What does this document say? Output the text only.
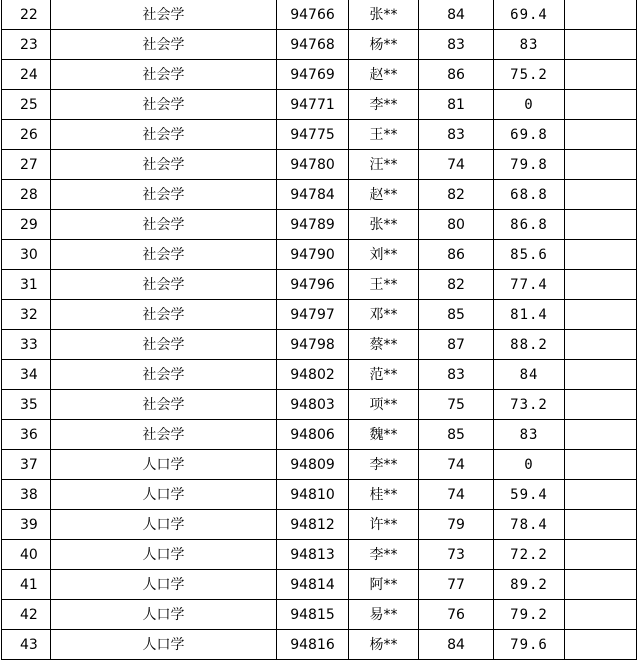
22	社会学	94766	张**	84	69.4	
23	社会学	94768	杨**	83	83	
24	社会学	94769	赵**	86	75.2	
25	社会学	94771	李**	81	0	
26	社会学	94775	王**	83	69.8	
27	社会学	94780	汪**	74	79.8	
28	社会学	94784	赵**	82	68.8	
29	社会学	94789	张**	80	86.8	
30	社会学	94790	刘**	86	85.6	
31	社会学	94796	王**	82	77.4	
32	社会学	94797	邓**	85	81.4	
33	社会学	94798	蔡**	87	88.2	
34	社会学	94802	范**	83	84	
35	社会学	94803	项**	75	73.2	
36	社会学	94806	魏**	85	83	
37	人口学	94809	李**	74	0	
38	人口学	94810	桂**	74	59.4	
39	人口学	94812	许**	79	78.4	
40	人口学	94813	李**	73	72.2	
41	人口学	94814	阿**	77	89.2	
42	人口学	94815	易**	76	79.2	
43	人口学	94816	杨**	84	79.6	
